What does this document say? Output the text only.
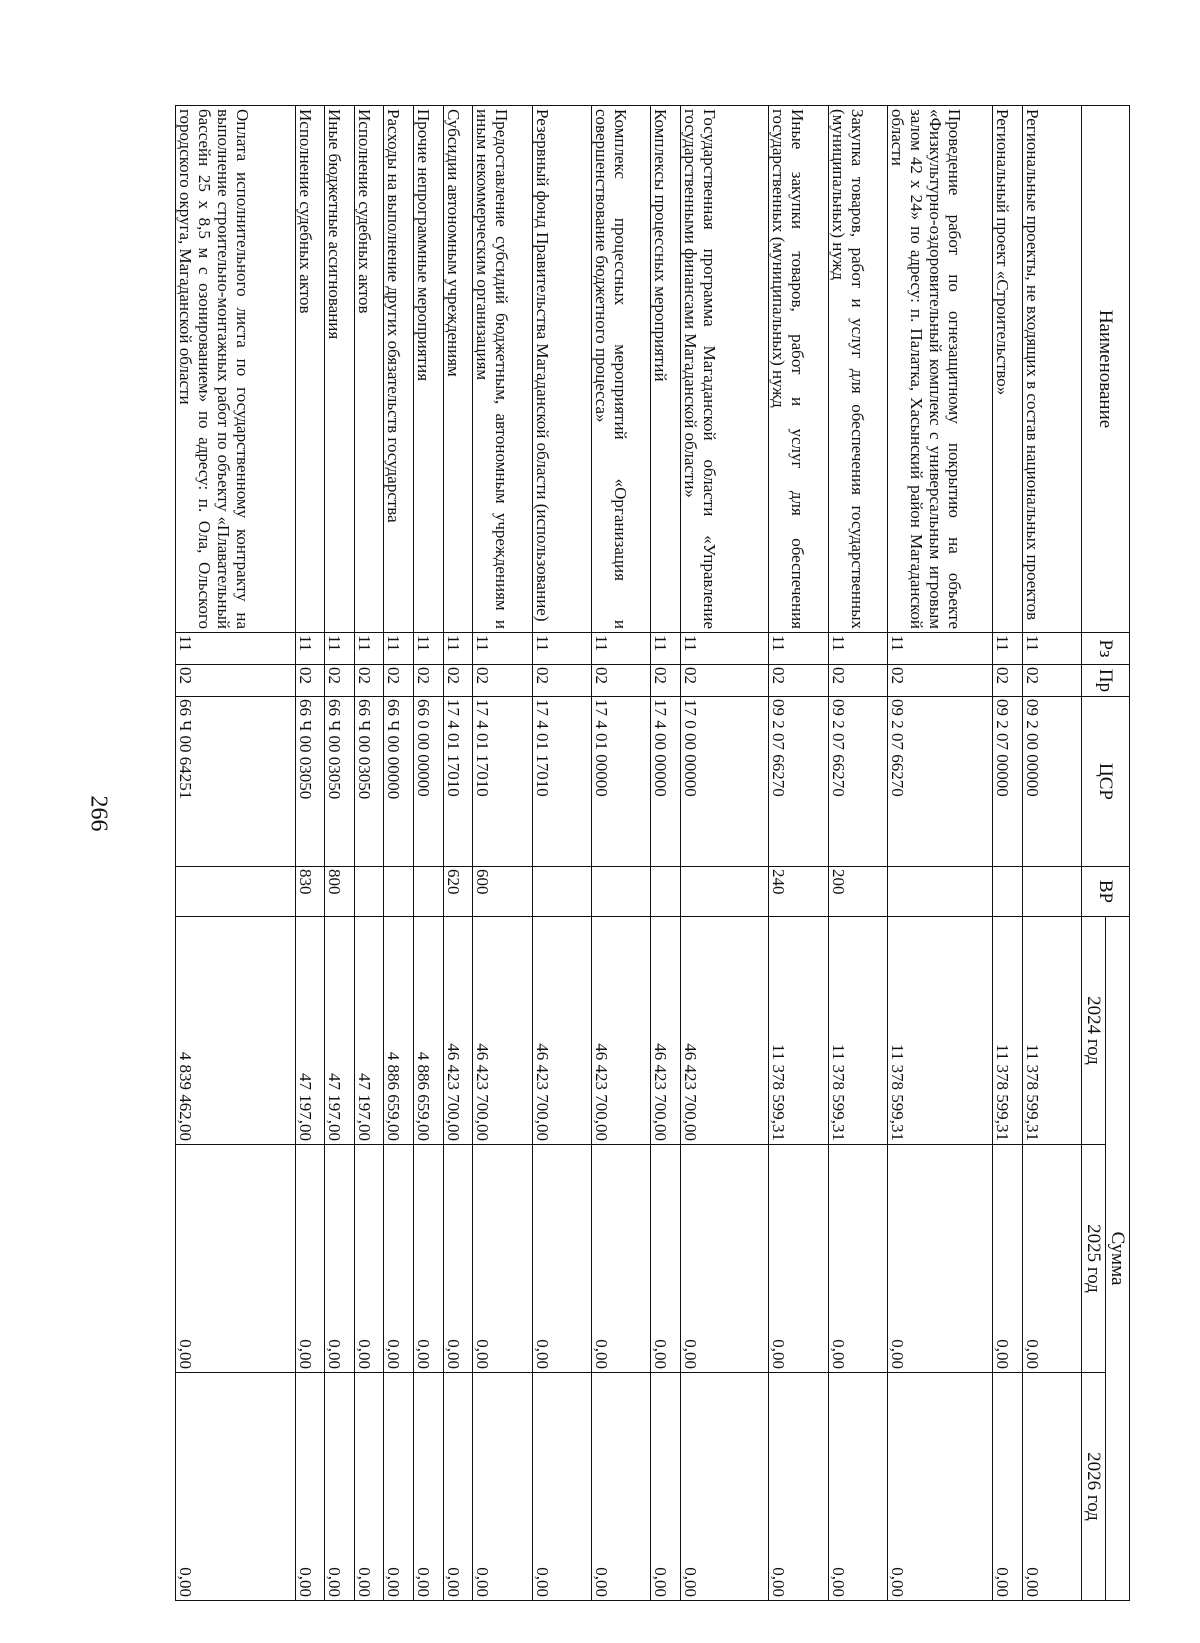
266
Наименование	Рз	Пр	ЦСР	ВР	Сумма		
					2024 год	2025 год	2026 год
Региональные проекты, не входящих в состав национальных проектов	11	02	09 2 00 00000		11 378 599,31	0,00	0,00
Региональный проект «Строительство»	11	02	09 2 07 00000		11 378 599,31	0,00	0,00
Проведение работ по огнезащитному покрытию на объекте «Физкультурно-оздоровительный комплекс с универсальным игровым залом 42 х 24» по адресу: п. Палатка, Хасынский район Магаданской области	11	02	09 2 07 66270		11 378 599,31	0,00	0,00
Закупка товаров, работ и услуг для обеспечения государственных (муниципальных) нужд	11	02	09 2 07 66270	200	11 378 599,31	0,00	0,00
Иные закупки товаров, работ и услуг для обеспечения государственных (муниципальных) нужд	11	02	09 2 07 66270	240	11 378 599,31	0,00	0,00
Государственная программа Магаданской области «Управление государственными финансами Магаданской области»	11	02	17 0 00 00000		46 423 700,00	0,00	0,00
Комплексы процессных мероприятий	11	02	17 4 00 00000		46 423 700,00	0,00	0,00
Комплекс процессных мероприятий «Организация и совершенствование бюджетного процесса»	11	02	17 4 01 00000		46 423 700,00	0,00	0,00
Резервный фонд Правительства Магаданской области (использование)	11	02	17 4 01 17010		46 423 700,00	0,00	0,00
Предоставление субсидий бюджетным, автономным учреждениям и иным некоммерческим организациям	11	02	17 4 01 17010	600	46 423 700,00	0,00	0,00
Субсидии автономным учреждениям	11	02	17 4 01 17010	620	46 423 700,00	0,00	0,00
Прочие непрограммные мероприятия	11	02	66 0 00 00000		4 886 659,00	0,00	0,00
Расходы на выполнение других обязательств государства	11	02	66 Ч 00 00000		4 886 659,00	0,00	0,00
Исполнение судебных актов	11	02	66 Ч 00 03050		47 197,00	0,00	0,00
Иные бюджетные ассигнования	11	02	66 Ч 00 03050	800	47 197,00	0,00	0,00
Исполнение судебных актов	11	02	66 Ч 00 03050	830	47 197,00	0,00	0,00
Оплата исполнительного листа по государственному контракту на выполнение строительно-монтажных работ по объекту «Плавательный бассейн 25 х 8,5 м с озонированием» по адресу: п. Ола, Ольского городского округа, Магаданской области	11	02	66 Ч 00 64251		4 839 462,00	0,00	0,00
